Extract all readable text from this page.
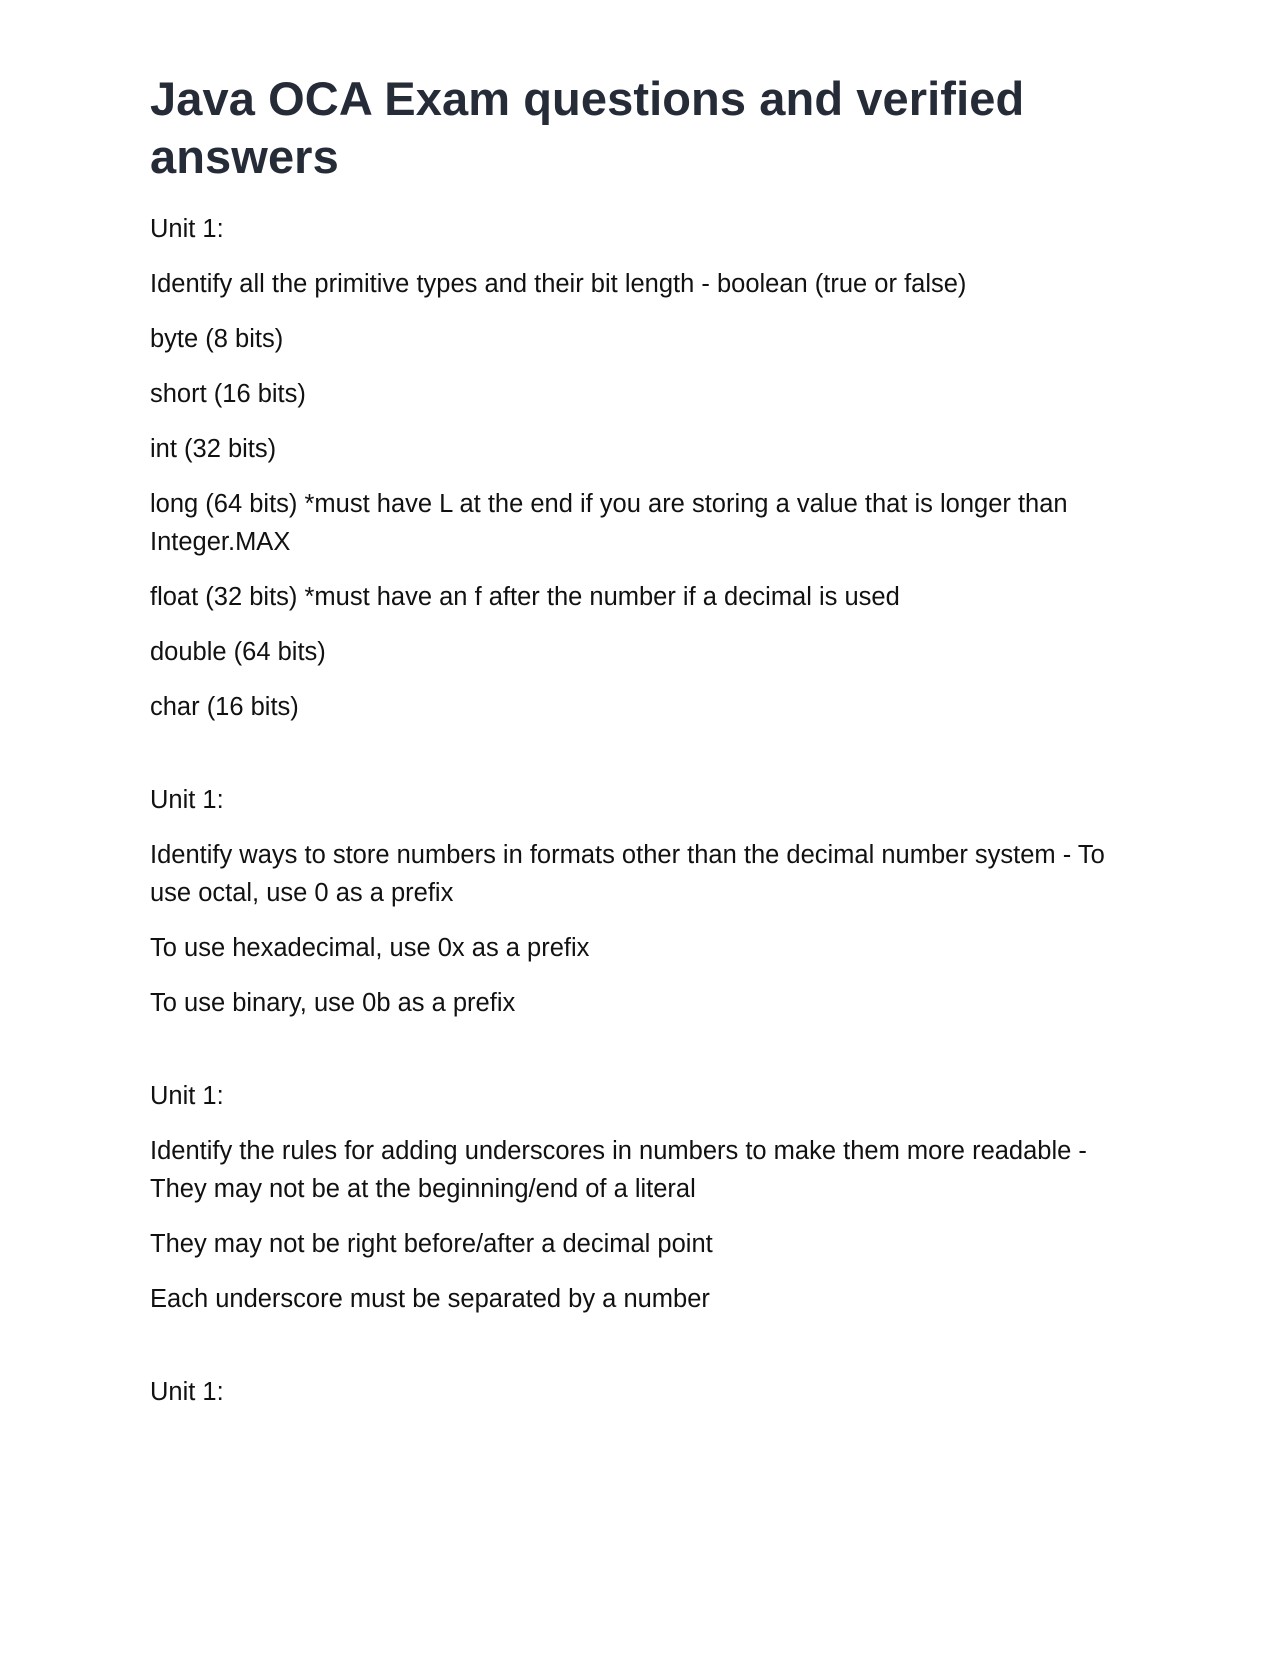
Java OCA Exam questions and verified answers

Unit 1:

Identify all the primitive types and their bit length - boolean (true or false)

byte (8 bits)

short (16 bits)

int (32 bits)

long (64 bits) *must have L at the end if you are storing a value that is longer than Integer.MAX

float (32 bits) *must have an f after the number if a decimal is used

double (64 bits)

char (16 bits)

Unit 1:

Identify ways to store numbers in formats other than the decimal number system - To use octal, use 0 as a prefix

To use hexadecimal, use 0x as a prefix

To use binary, use 0b as a prefix

Unit 1:

Identify the rules for adding underscores in numbers to make them more readable - They may not be at the beginning/end of a literal

They may not be right before/after a decimal point

Each underscore must be separated by a number

Unit 1:
